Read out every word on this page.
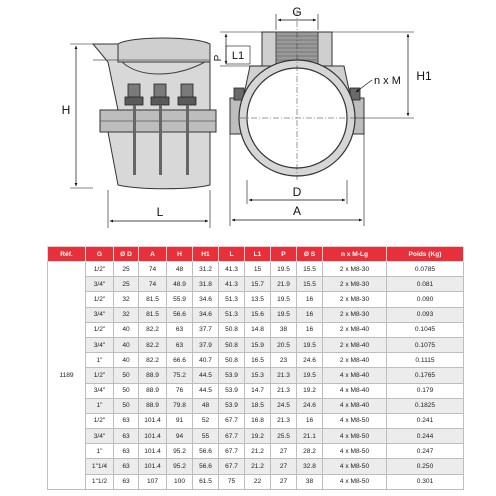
H
L
G
P L1
n x M H1
D
A
Réf.	G	Ø D	A	H	H1	L	L1	P	Ø S	n x M-Lg	Poids (Kg)
1189	1/2"	25	74	48	31.2	41.3	15	19.5	15.5	2 x M8-30	0.0785
	3/4"	25	74	48.9	31.8	41.3	15.7	21.9	15.5	2 x M8-30	0.081
	1/2"	32	81.5	55.9	34.6	51.3	13.5	19.5	16	2 x M8-30	0.090
	3/4"	32	81.5	56.6	34.6	51.3	15.6	19.5	16	2 x M8-30	0.093
	1/2"	40	82.2	63	37.7	50.8	14.8	38	16	2 x M8-40	0.1045
	3/4"	40	82.2	63	37.9	50.8	15.9	20.5	19.5	2 x M8-40	0.1075
	1"	40	82.2	66.6	40.7	50.8	16.5	23	24.6	2 x M8-40	0.1115
	1/2"	50	88.9	75.2	44.5	53.9	15.3	21.3	19.5	4 x M8-40	0.1765
	3/4"	50	88.9	76	44.5	53.9	14.7	21.3	19.2	4 x M8-40	0.179
	1"	50	88.9	79.8	48	53.9	18.5	24.5	24.6	4 x M8-40	0.1825
	1/2"	63	101.4	91	52	67.7	16.8	21.3	16	4 x M8-50	0.241
	3/4"	63	101.4	94	55	67.7	19.2	25.5	21.1	4 x M8-50	0.244
	1"	63	101.4	95.2	56.6	67.7	21.2	27	28.2	4 x M8-50	0.247
	1"1/4	63	101.4	95.2	56.6	67.7	21.2	27	32.8	4 x M8-50	0.250
	1"1/2	63	107	100	61.5	75	22	27	38	4 x M8-50	0.301
